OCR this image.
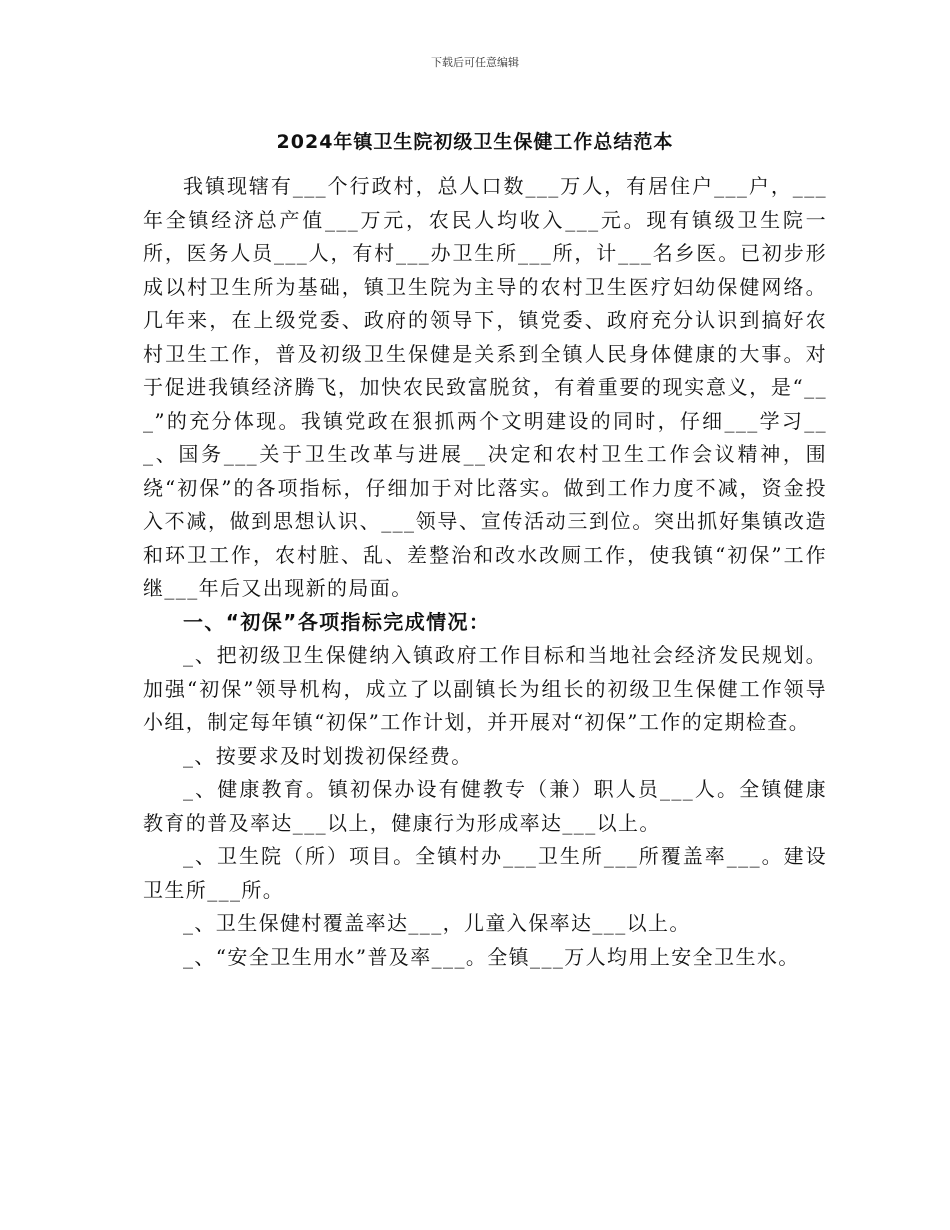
下载后可任意编辑
2024年镇卫生院初级卫生保健工作总结范本

我镇现辖有___个行政村，总人口数___万人，有居住户___户，___年全镇经济总产值___万元，农民人均收入___元。现有镇级卫生院一所，医务人员___人，有村___办卫生所___所，计___名乡医。已初步形成以村卫生所为基础，镇卫生院为主导的农村卫生医疗妇幼保健网络。几年来，在上级党委、政府的领导下，镇党委、政府充分认识到搞好农村卫生工作，普及初级卫生保健是关系到全镇人民身体健康的大事。对于促进我镇经济腾飞，加快农民致富脱贫，有着重要的现实意义，是“___”的充分体现。我镇党政在狠抓两个文明建设的同时，仔细___学习___、国务___关于卫生改革与进展__决定和农村卫生工作会议精神，围绕“初保”的各项指标，仔细加于对比落实。做到工作力度不减，资金投入不减，做到思想认识、___领导、宣传活动三到位。突出抓好集镇改造和环卫工作，农村脏、乱、差整治和改水改厕工作，使我镇“初保”工作继___年后又出现新的局面。

一、“初保”各项指标完成情况：

_、把初级卫生保健纳入镇政府工作目标和当地社会经济发民规划。加强“初保”领导机构，成立了以副镇长为组长的初级卫生保健工作领导小组，制定每年镇“初保”工作计划，并开展对“初保”工作的定期检查。

_、按要求及时划拨初保经费。

_、健康教育。镇初保办设有健教专（兼）职人员___人。全镇健康教育的普及率达___以上，健康行为形成率达___以上。

_、卫生院（所）项目。全镇村办___卫生所___所覆盖率___。建设卫生所___所。

_、卫生保健村覆盖率达___，儿童入保率达___以上。

_、“安全卫生用水”普及率___。全镇___万人均用上安全卫生水。
